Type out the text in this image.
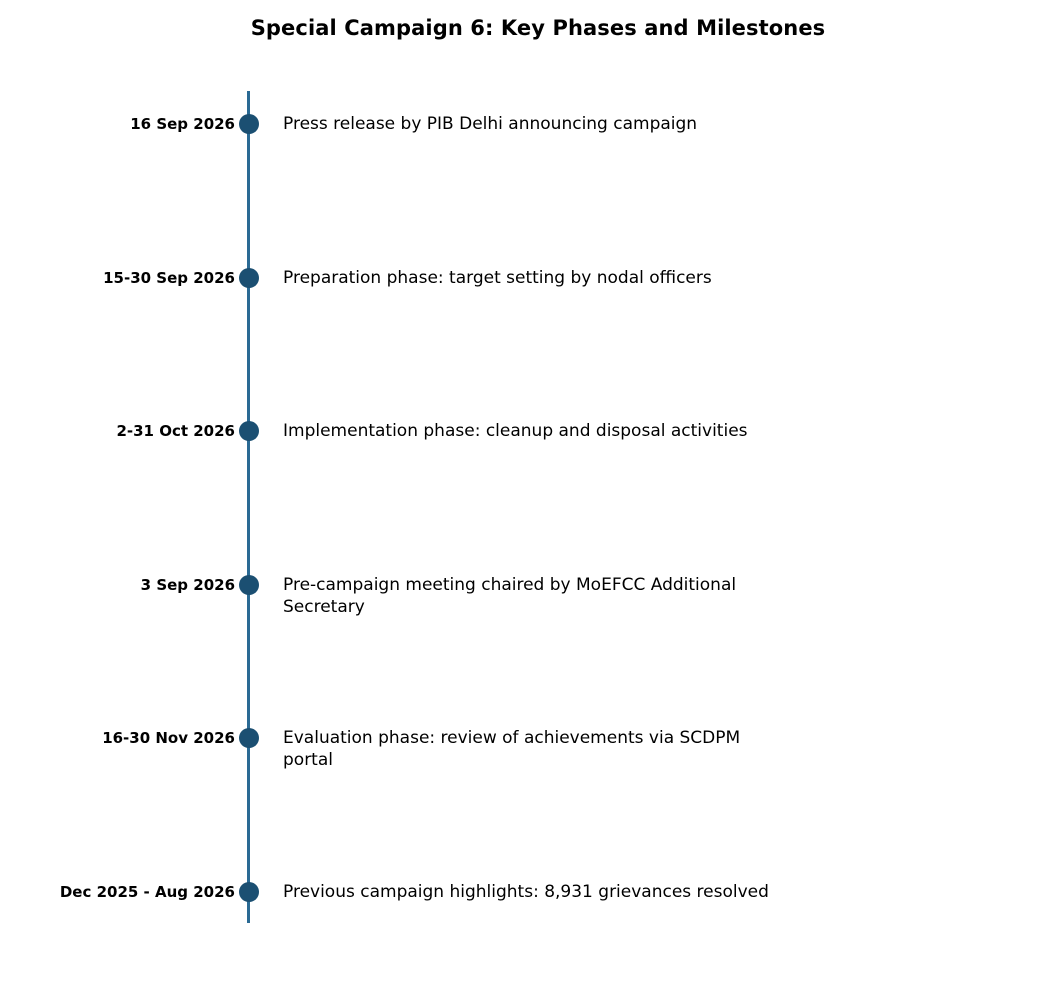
Special Campaign 6: Key Phases and Milestones
16 Sep 2026	Press release by PIB Delhi announcing campaign
15-30 Sep 2026	Preparation phase: target setting by nodal officers
2-31 Oct 2026	Implementation phase: cleanup and disposal activities
3 Sep 2026	Pre-campaign meeting chaired by MoEFCC Additional Secretary
16-30 Nov 2026	Evaluation phase: review of achievements via SCDPM portal
Dec 2025 - Aug 2026	Previous campaign highlights: 8,931 grievances resolved
